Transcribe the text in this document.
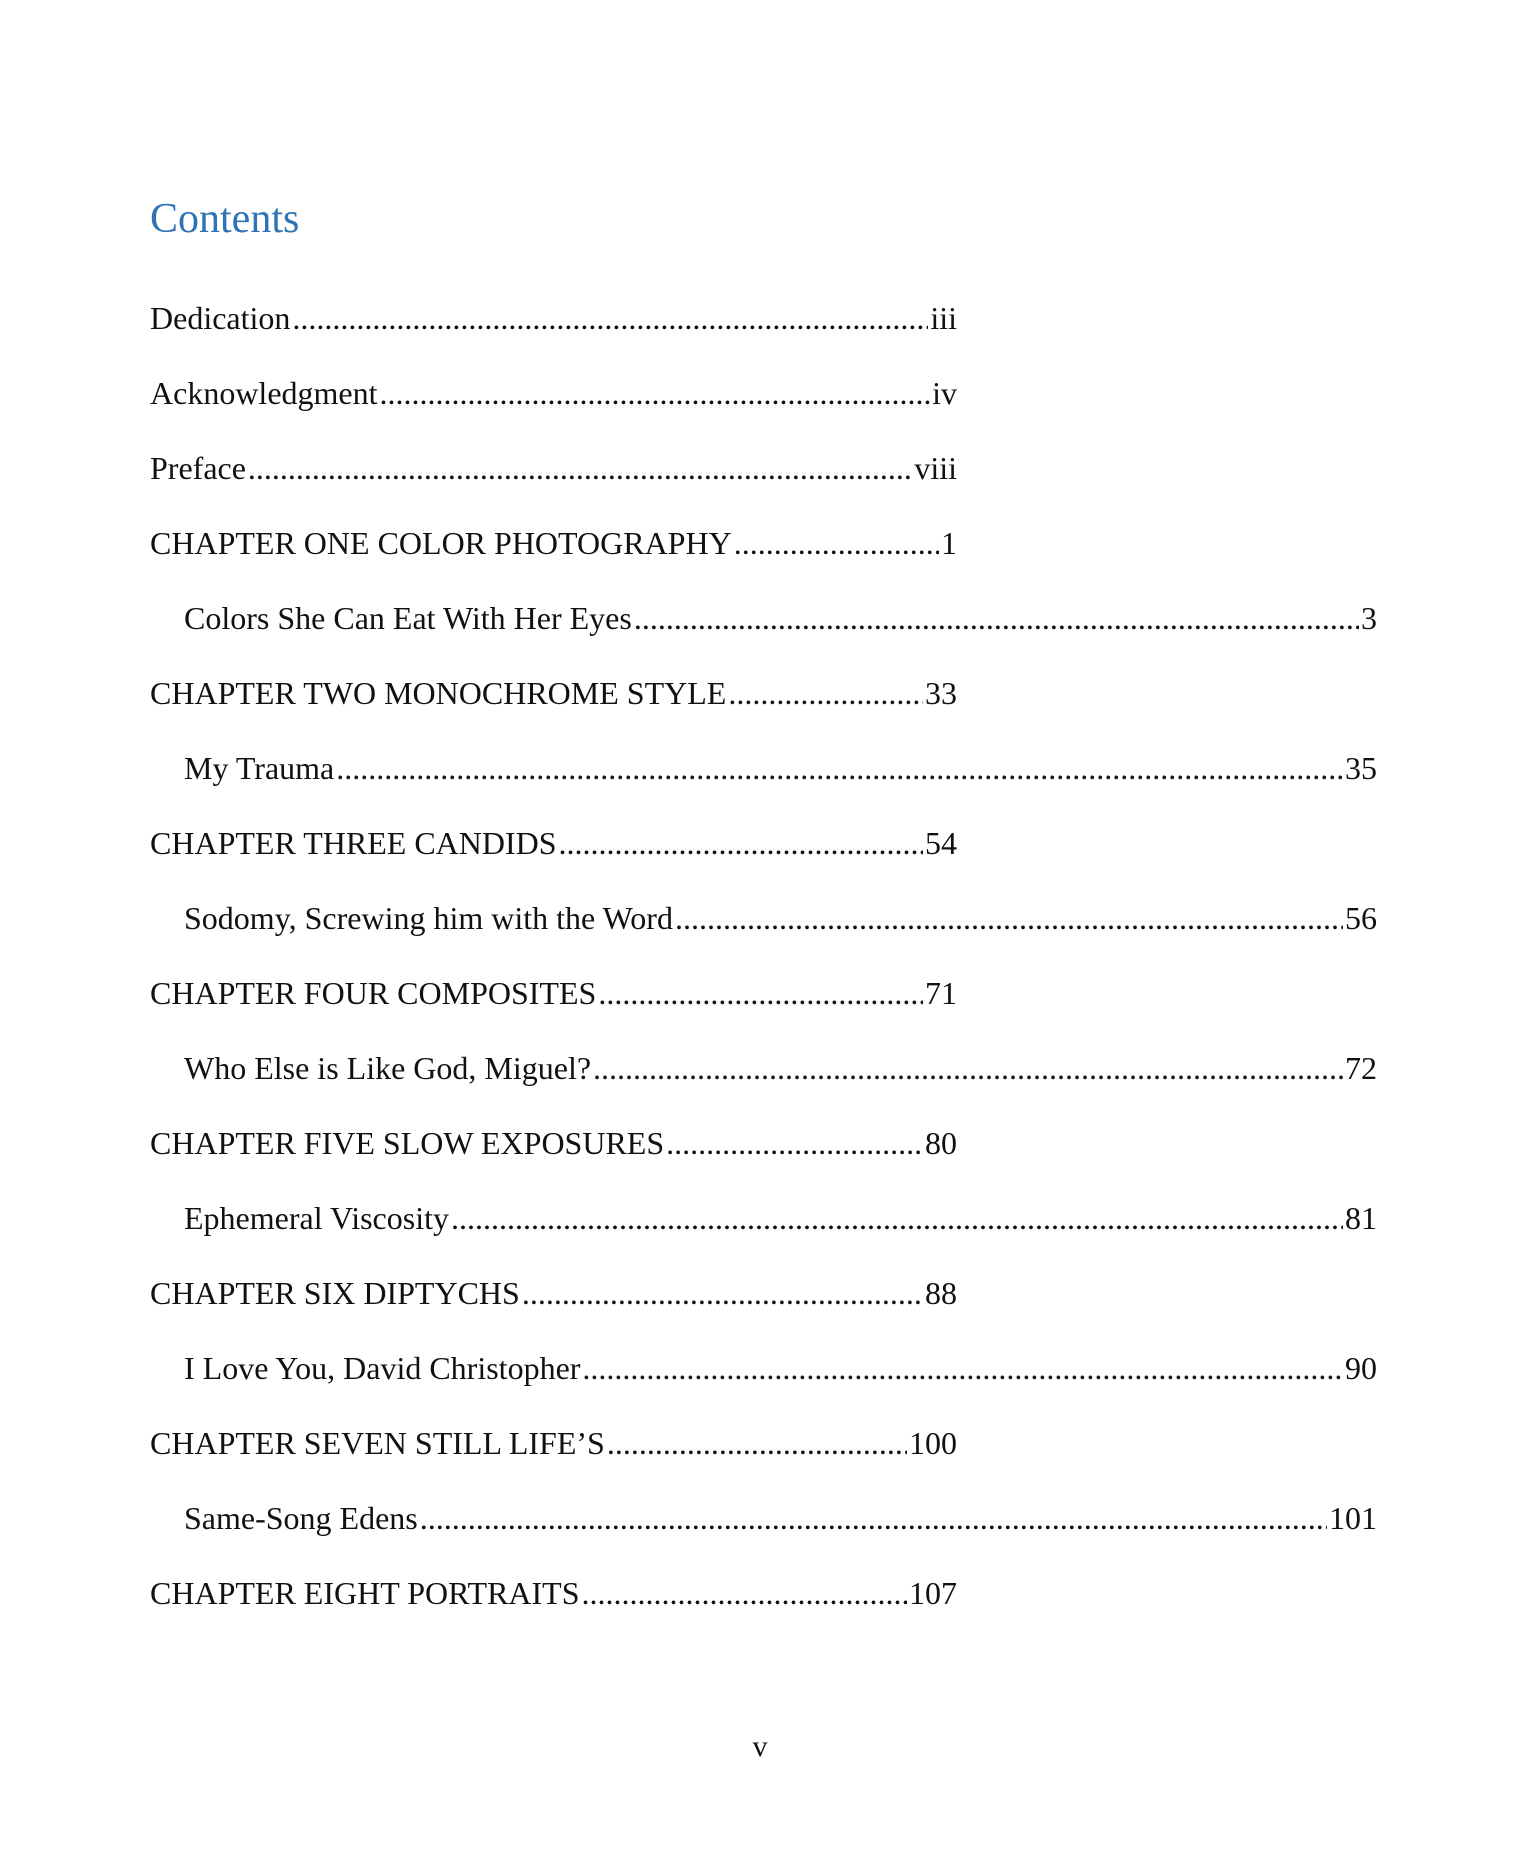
Contents
Dedication .....	iii
Acknowledgment .....	iv
Preface .....	viii
CHAPTER ONE COLOR PHOTOGRAPHY .....	1
Colors She Can Eat With Her Eyes .....	3
CHAPTER TWO MONOCHROME STYLE .....	33
My Trauma .....	35
CHAPTER THREE CANDIDS .....	54
Sodomy, Screwing him with the Word .....	56
CHAPTER FOUR COMPOSITES .....	71
Who Else is Like God, Miguel? .....	72
CHAPTER FIVE SLOW EXPOSURES .....	80
Ephemeral Viscosity .....	81
CHAPTER SIX DIPTYCHS .....	88
I Love You, David Christopher .....	90
CHAPTER SEVEN STILL LIFE’S .....	100
Same-Song Edens .....	101
CHAPTER EIGHT PORTRAITS .....	107
v
